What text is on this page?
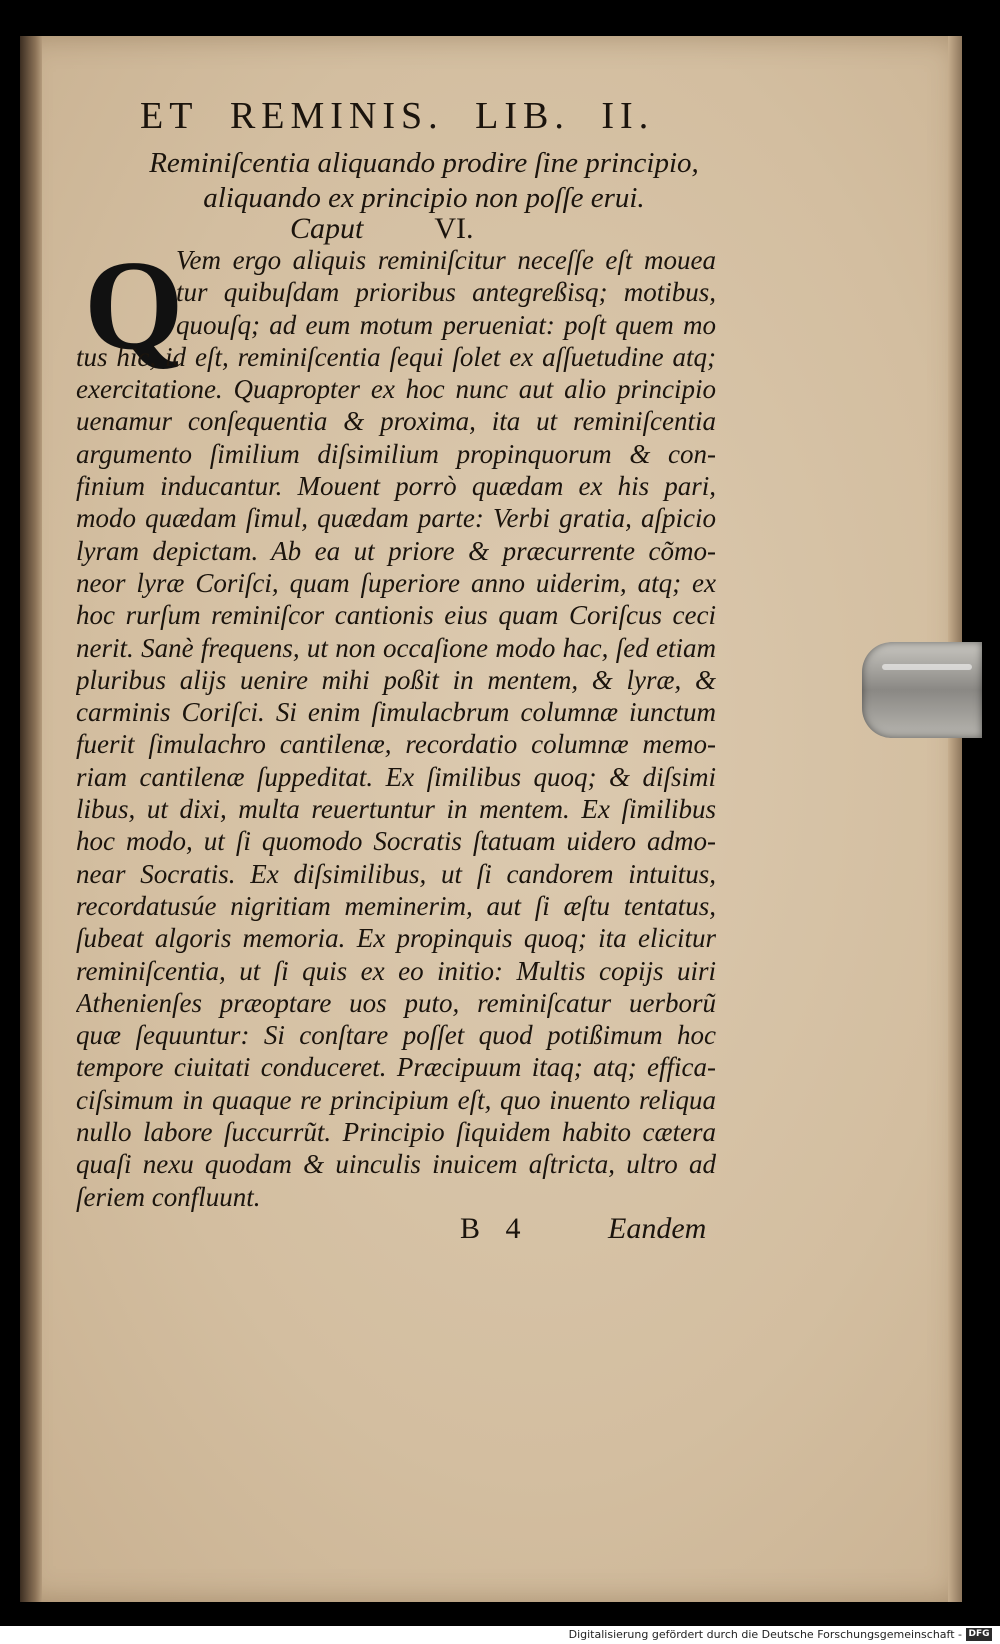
ET REMINIS. LIB. II.
Reminiſcentia aliquando prodire ſine principio,
aliquando ex principio non poſſe erui.
Caput VI.
Q
Vem ergo aliquis reminiſcitur neceſſe eſt moueа
tur quibuſdam prioribus antegreßisq; motibus,
quouſq; ad eum motum perueniat: poſt quem mo
tus hic, id eſt, reminiſcentia ſequi ſolet ex aſſuetudine atq;
exercitatione. Quapropter ex hoc nunc aut alio principio
uenamur conſequentia & proxima, ita ut reminiſcentia
argumento ſimilium diſsimilium propinquorum & con-
finium inducantur. Mouent porrò quædam ex his pari,
modo quædam ſimul, quædam parte: Verbi gratia, aſpicio
lyram depictam. Ab ea ut priore & præcurrente cõmo-
neor lyræ Coriſci, quam ſuperiore anno uiderim, atq; ex
hoc rurſum reminiſcor cantionis eius quam Coriſcus ceci
nerit. Sanè frequens, ut non occaſione modo hac, ſed etiam
pluribus alijs uenire mihi poßit in mentem, & lyræ, &
carminis Coriſci. Si enim ſimulacbrum columnæ iunctum
fuerit ſimulachro cantilenæ, recordatio columnæ memo-
riam cantilenæ ſuppeditat. Ex ſimilibus quoq; & diſsimi
libus, ut dixi, multa reuertuntur in mentem. Ex ſimilibus
hoc modo, ut ſi quomodo Socratis ſtatuam uidero admo-
near Socratis. Ex diſsimilibus, ut ſi candorem intuitus,
recordatusúe nigritiam meminerim, aut ſi æſtu tentatus,
ſubeat algoris memoria. Ex propinquis quoq; ita elicitur
reminiſcentia, ut ſi quis ex eo initio: Multis copijs uiri
Athenienſes præoptare uos puto, reminiſcatur uerborũ
quæ ſequuntur: Si conſtare poſſet quod potißimum hoc
tempore ciuitati conduceret. Præcipuum itaq; atq; effica-
ciſsimum in quaque re principium eſt, quo inuento reliqua
nullo labore ſuccurrũt. Principio ſiquidem habito cætera
quaſi nexu quodam & uinculis inuicem aſtricta, ultro ad
ſeriem confluunt.
B 4	Eandem
Digitalisierung gefördert durch die Deutsche Forschungsgemeinschaft - DFG
